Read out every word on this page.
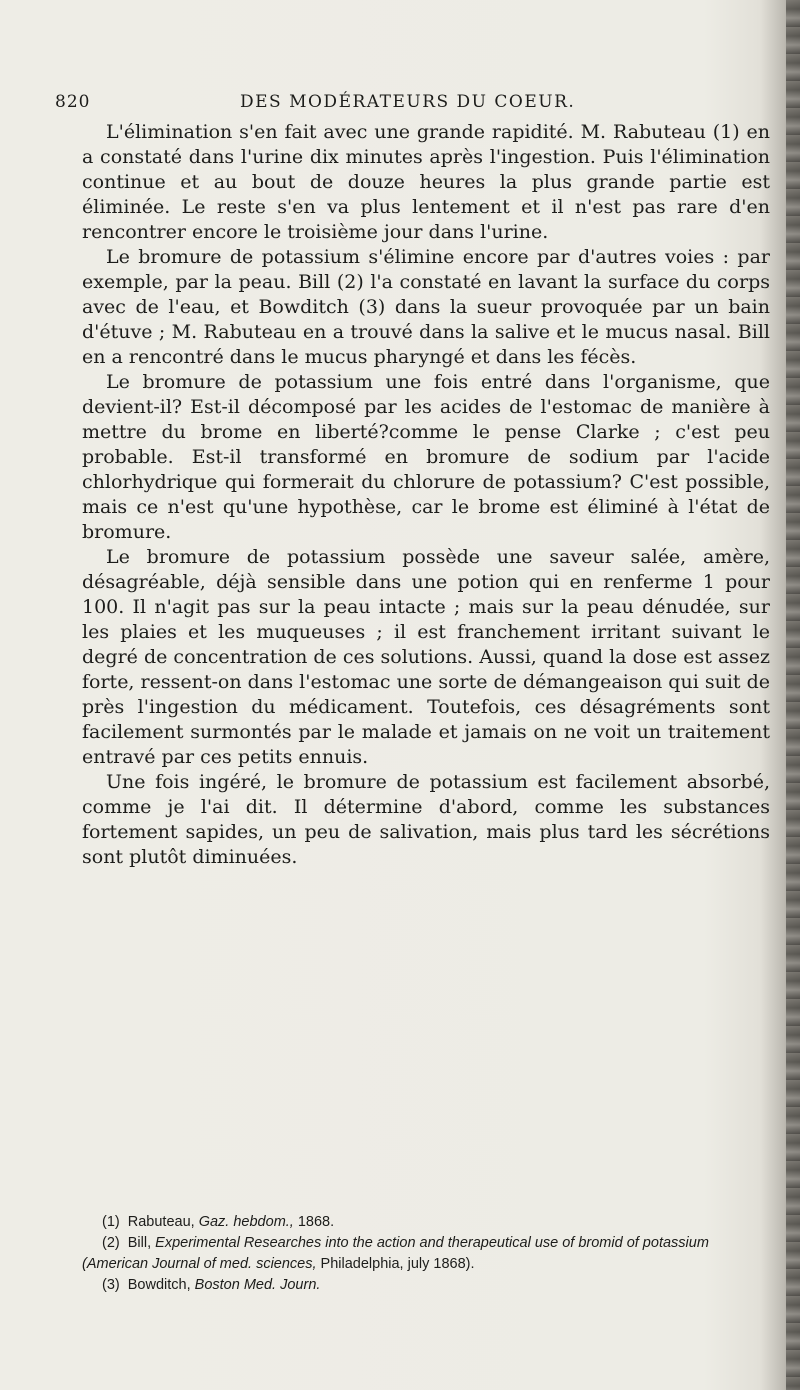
820	DES MODÉRATEURS DU COEUR.

L'élimination s'en fait avec une grande rapidité. M. Rabuteau (1) en a constaté dans l'urine dix minutes après l'ingestion. Puis l'élimination continue et au bout de douze heures la plus grande partie est éliminée. Le reste s'en va plus lentement et il n'est pas rare d'en rencontrer encore le troisième jour dans l'urine.

Le bromure de potassium s'élimine encore par d'autres voies : par exemple, par la peau. Bill (2) l'a constaté en lavant la surface du corps avec de l'eau, et Bowditch (3) dans la sueur provoquée par un bain d'étuve ; M. Rabuteau en a trouvé dans la salive et le mucus nasal. Bill en a rencontré dans le mucus pharyngé et dans les fécès.

Le bromure de potassium une fois entré dans l'organisme, que devient-il? Est-il décomposé par les acides de l'estomac de manière à mettre du brome en liberté?comme le pense Clarke ; c'est peu probable. Est-il transformé en bromure de sodium par l'acide chlorhydrique qui formerait du chlorure de potassium? C'est possible, mais ce n'est qu'une hypothèse, car le brome est éliminé à l'état de bromure.

Le bromure de potassium possède une saveur salée, amère, désagréable, déjà sensible dans une potion qui en renferme 1 pour 100. Il n'agit pas sur la peau intacte ; mais sur la peau dénudée, sur les plaies et les muqueuses ; il est franchement irritant suivant le degré de concentration de ces solutions. Aussi, quand la dose est assez forte, ressent-on dans l'estomac une sorte de démangeaison qui suit de près l'ingestion du médicament. Toutefois, ces désagréments sont facilement surmontés par le malade et jamais on ne voit un traitement entravé par ces petits ennuis.

Une fois ingéré, le bromure de potassium est facilement absorbé, comme je l'ai dit. Il détermine d'abord, comme les substances fortement sapides, un peu de salivation, mais plus tard les sécrétions sont plutôt diminuées.

(1) Rabuteau, Gaz. hebdom., 1868.

(2) Bill, Experimental Researches into the action and therapeutical use of bromid of potassium (American Journal of med. sciences, Philadelphia, july 1868).

(3) Bowditch, Boston Med. Journ.
